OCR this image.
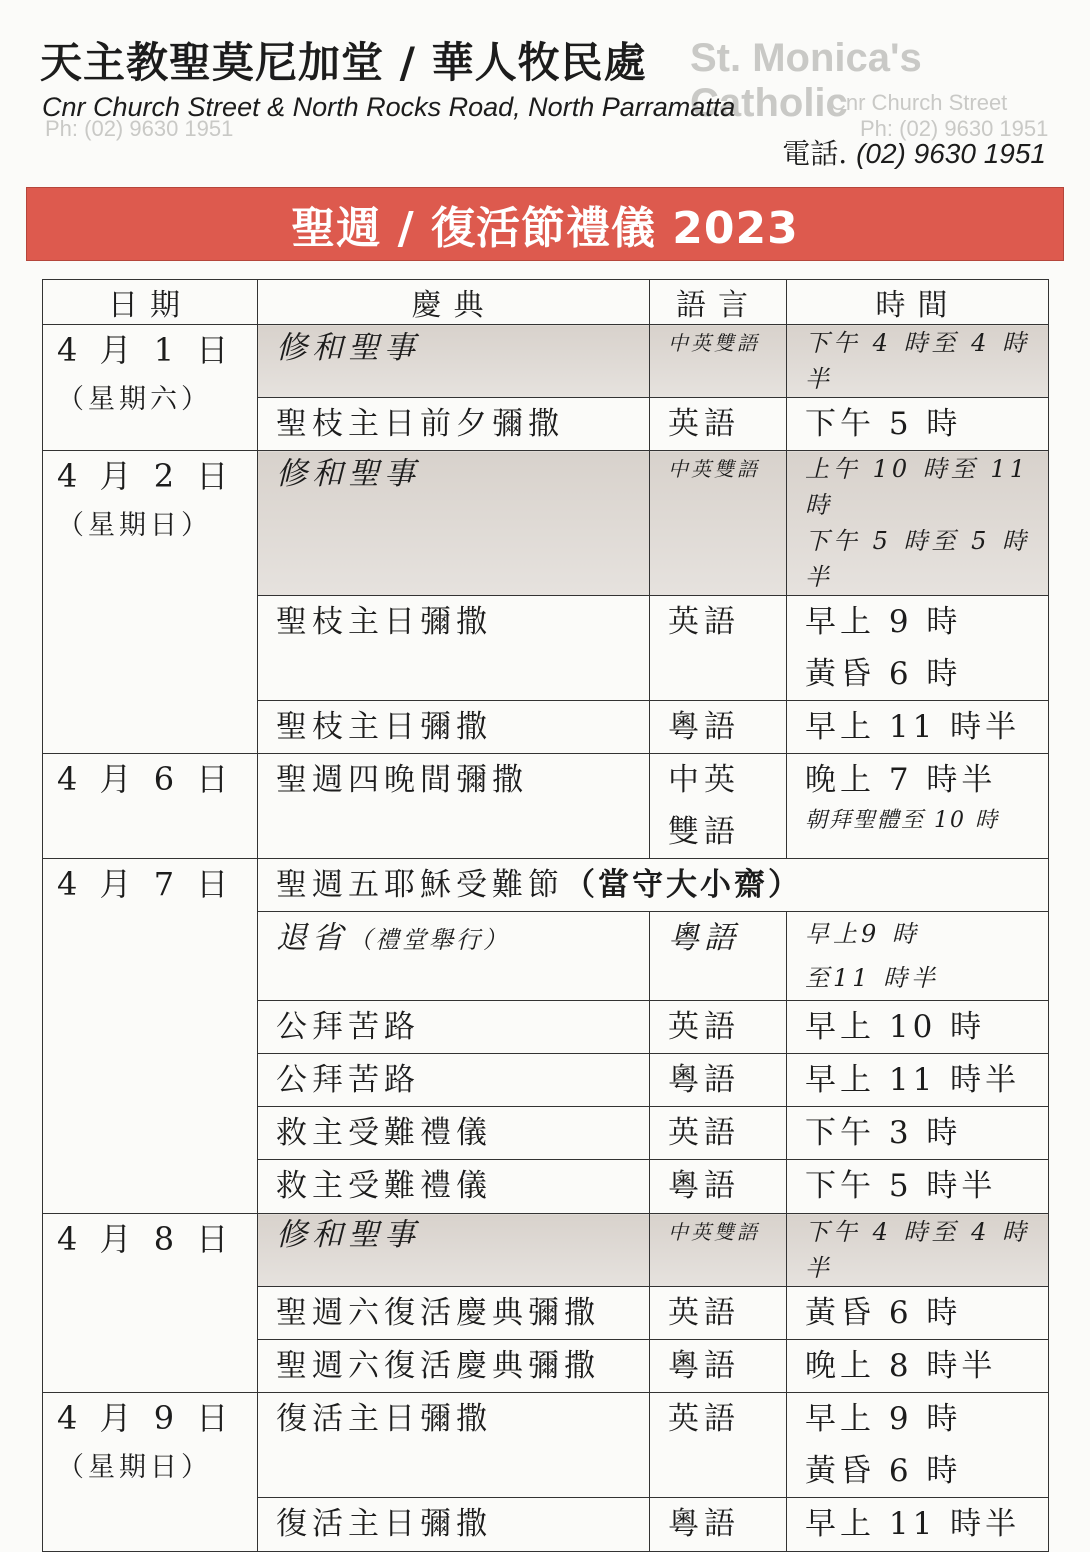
St. Monica's Catholic
Cnr Church Street
Ph: (02) 9630 1951
Ph: (02) 9630 1951
天主教聖莫尼加堂 / 華人牧民處
Cnr Church Street & North Rocks Road, North Parramatta
電話. (02) 9630 1951
聖週 / 復活節禮儀 2023
日期	慶典	語言	時間
4 月 1 日
（星期六）	修和聖事	中英雙語	下午 4 時至 4 時半
	聖枝主日前夕彌撒	英語	下午 5 時
4 月 2 日
（星期日）	修和聖事	中英雙語	上午 10 時至 11 時
下午 5 時至 5 時半

	聖枝主日彌撒	英語	早上 9 時
黃昏 6 時

	聖枝主日彌撒	粵語	早上 11 時半
4 月 6 日	聖週四晚間彌撒	中英
雙語	晚上 7 時半
朝拜聖體至 10 時

4 月 7 日	聖週五耶穌受難節（當守大小齋）		
	退省（禮堂舉行）	粵語	早上9 時
至11 時半

	公拜苦路	英語	早上 10 時
	公拜苦路	粵語	早上 11 時半
	救主受難禮儀	英語	下午 3 時
	救主受難禮儀	粵語	下午 5 時半
4 月 8 日	修和聖事	中英雙語	下午 4 時至 4 時半
	聖週六復活慶典彌撒	英語	黃昏 6 時
	聖週六復活慶典彌撒	粵語	晚上 8 時半
4 月 9 日
（星期日）	復活主日彌撒	英語	早上 9 時
黃昏 6 時

	復活主日彌撒	粵語	早上 11 時半
